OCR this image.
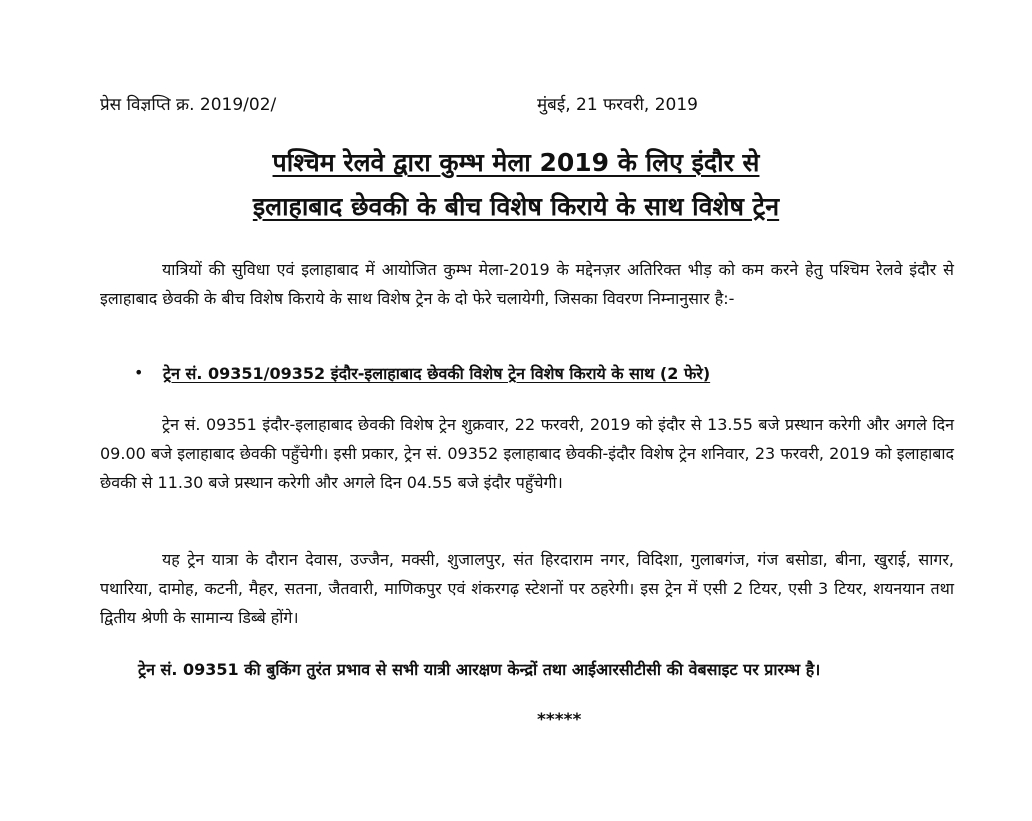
प्रेस विज्ञप्ति क्र. 2019/02/	मुंबई, 21 फरवरी, 2019
पश्चिम रेलवे द्वारा कुम्भ मेला 2019 के लिए इंदौर से
इलाहाबाद छेवकी के बीच विशेष किराये के साथ विशेष ट्रेन

यात्रियों की सुविधा एवं इलाहाबाद में आयोजित कुम्भ मेला-2019 के मद्देनज़र अतिरिक्त भीड़ को कम करने हेतु पश्चिम रेलवे इंदौर से इलाहाबाद छेवकी के बीच विशेष किराये के साथ विशेष ट्रेन के दो फेरे चलायेगी, जिसका विवरण निम्नानुसार है:-

• ट्रेन सं. 09351/09352 इंदौर-इलाहाबाद छेवकी विशेष ट्रेन विशेष किराये के साथ (2 फेरे)

ट्रेन सं. 09351 इंदौर-इलाहाबाद छेवकी विशेष ट्रेन शुक्रवार, 22 फरवरी, 2019 को इंदौर से 13.55 बजे प्रस्थान करेगी और अगले दिन 09.00 बजे इलाहाबाद छेवकी पहुँचेगी। इसी प्रकार, ट्रेन सं. 09352 इलाहाबाद छेवकी-इंदौर विशेष ट्रेन शनिवार, 23 फरवरी, 2019 को इलाहाबाद छेवकी से 11.30 बजे प्रस्थान करेगी और अगले दिन 04.55 बजे इंदौर पहुँचेगी।

यह ट्रेन यात्रा के दौरान देवास, उज्जैन, मक्सी, शुजालपुर, संत हिरदाराम नगर, विदिशा, गुलाबगंज, गंज बसोडा, बीना, खुराई, सागर, पथारिया, दामोह, कटनी, मैहर, सतना, जैतवारी, माणिकपुर एवं शंकरगढ़ स्टेशनों पर ठहरेगी। इस ट्रेन में एसी 2 टियर, एसी 3 टियर, शयनयान तथा द्वितीय श्रेणी के सामान्य डिब्बे होंगे।

ट्रेन सं. 09351 की बुकिंग तुरंत प्रभाव से सभी यात्री आरक्षण केन्द्रों तथा आईआरसीटीसी की वेबसाइट पर प्रारम्भ है।

*****
